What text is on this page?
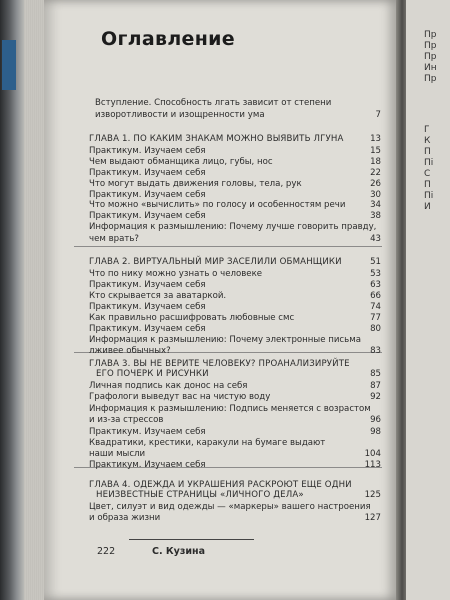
Оглавление
Вступление. Способность лгать зависит от степени
изворотливости и изощренности ума	7
ГЛАВА 1. ПО КАКИМ ЗНАКАМ МОЖНО ВЫЯВИТЬ ЛГУНА	13
Практикум. Изучаем себя	15
Чем выдают обманщика лицо, губы, нос	18
Практикум. Изучаем себя	22
Что могут выдать движения головы, тела, рук	26
Практикум. Изучаем себя	30
Что можно «вычислить» по голосу и особенностям речи	34
Практикум. Изучаем себя	38
Информация к размышлению: Почему лучше говорить правду,
чем врать?	43
ГЛАВА 2. ВИРТУАЛЬНЫЙ МИР ЗАСЕЛИЛИ ОБМАНЩИКИ	51
Что по нику можно узнать о человеке	53
Практикум. Изучаем себя	63
Кто скрывается за аватаркой.	66
Практикум. Изучаем себя	74
Как правильно расшифровать любовные смс	77
Практикум. Изучаем себя	80
Информация к размышлению: Почему электронные письма
лживее обычных?	83
ГЛАВА 3. ВЫ НЕ ВЕРИТЕ ЧЕЛОВЕКУ? ПРОАНАЛИЗИРУЙТЕ
ЕГО ПОЧЕРК И РИСУНКИ	85
Личная подпись как донос на себя	87
Графологи выведут вас на чистую воду	92
Информация к размышлению: Подпись меняется с возрастом
и из-за стрессов	96
Практикум. Изучаем себя	98
Квадратики, крестики, каракули на бумаге выдают
наши мысли	104
Практикум. Изучаем себя	113
ГЛАВА 4. ОДЕЖДА И УКРАШЕНИЯ РАСКРОЮТ ЕЩЕ ОДНИ
НЕИЗВЕСТНЫЕ СТРАНИЦЫ «ЛИЧНОГО ДЕЛА»	125
Цвет, силуэт и вид одежды — «маркеры» вашего настроения
и образа жизни	127
222	С. Кузина
Пр
Пр
Пр
Ин
Пр
Г
К
П
Пі
С
П
Пі
И
